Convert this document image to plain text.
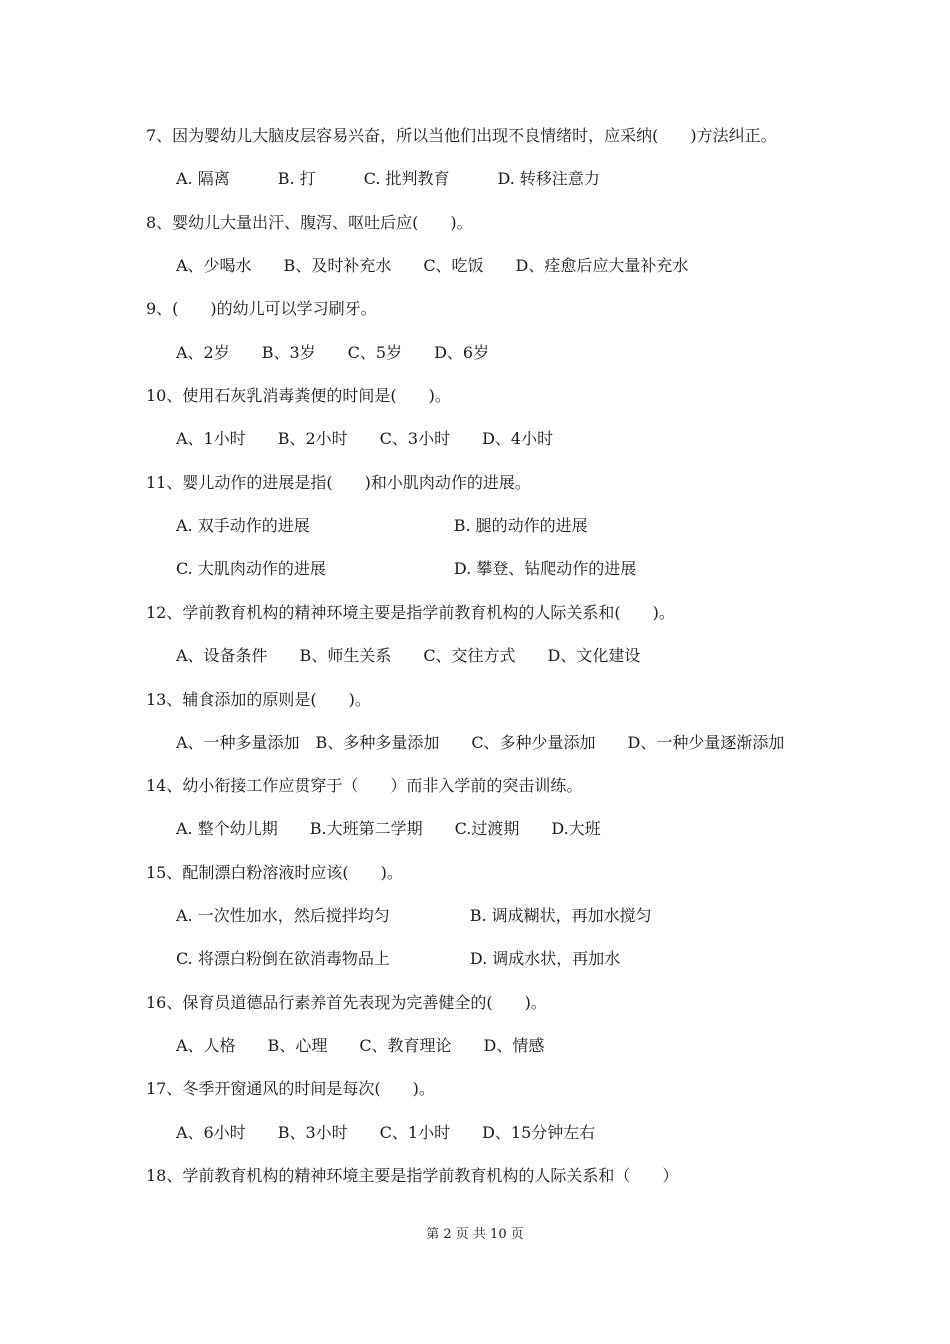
7、因为婴幼儿大脑皮层容易兴奋，所以当他们出现不良情绪时，应采纳(　　)方法纠正。
A. 隔离　　　B. 打　　　C. 批判教育　　　D. 转移注意力
8、婴幼儿大量出汗、腹泻、呕吐后应(　　)。
A、少喝水　　B、及时补充水　　C、吃饭　　D、痊愈后应大量补充水
9、(　　)的幼儿可以学习刷牙。
A、2岁　　B、3岁　　C、5岁　　D、6岁
10、使用石灰乳消毒粪便的时间是(　　)。
A、1小时　　B、2小时　　C、3小时　　D、4小时
11、婴儿动作的进展是指(　　)和小肌肉动作的进展。
A. 双手动作的进展　　　　　　　　　B. 腿的动作的进展
C. 大肌肉动作的进展　　　　　　　　D. 攀登、钻爬动作的进展
12、学前教育机构的精神环境主要是指学前教育机构的人际关系和(　　)。
A、设备条件　　B、师生关系　　C、交往方式　　D、文化建设
13、辅食添加的原则是(　　)。
A、一种多量添加　B、多种多量添加　　C、多种少量添加　　D、一种少量逐渐添加
14、幼小衔接工作应贯穿于（　　）而非入学前的突击训练。
A. 整个幼儿期　　B.大班第二学期　　C.过渡期　　D.大班
15、配制漂白粉溶液时应该(　　)。
A. 一次性加水，然后搅拌均匀　　　　　B. 调成糊状，再加水搅匀
C. 将漂白粉倒在欲消毒物品上　　　　　D. 调成水状，再加水
16、保育员道德品行素养首先表现为完善健全的(　　)。
A、人格　　B、心理　　C、教育理论　　D、情感
17、冬季开窗通风的时间是每次(　　)。
A、6小时　　B、3小时　　C、1小时　　D、15分钟左右
18、学前教育机构的精神环境主要是指学前教育机构的人际关系和（　　）
第 2 页 共 10 页
